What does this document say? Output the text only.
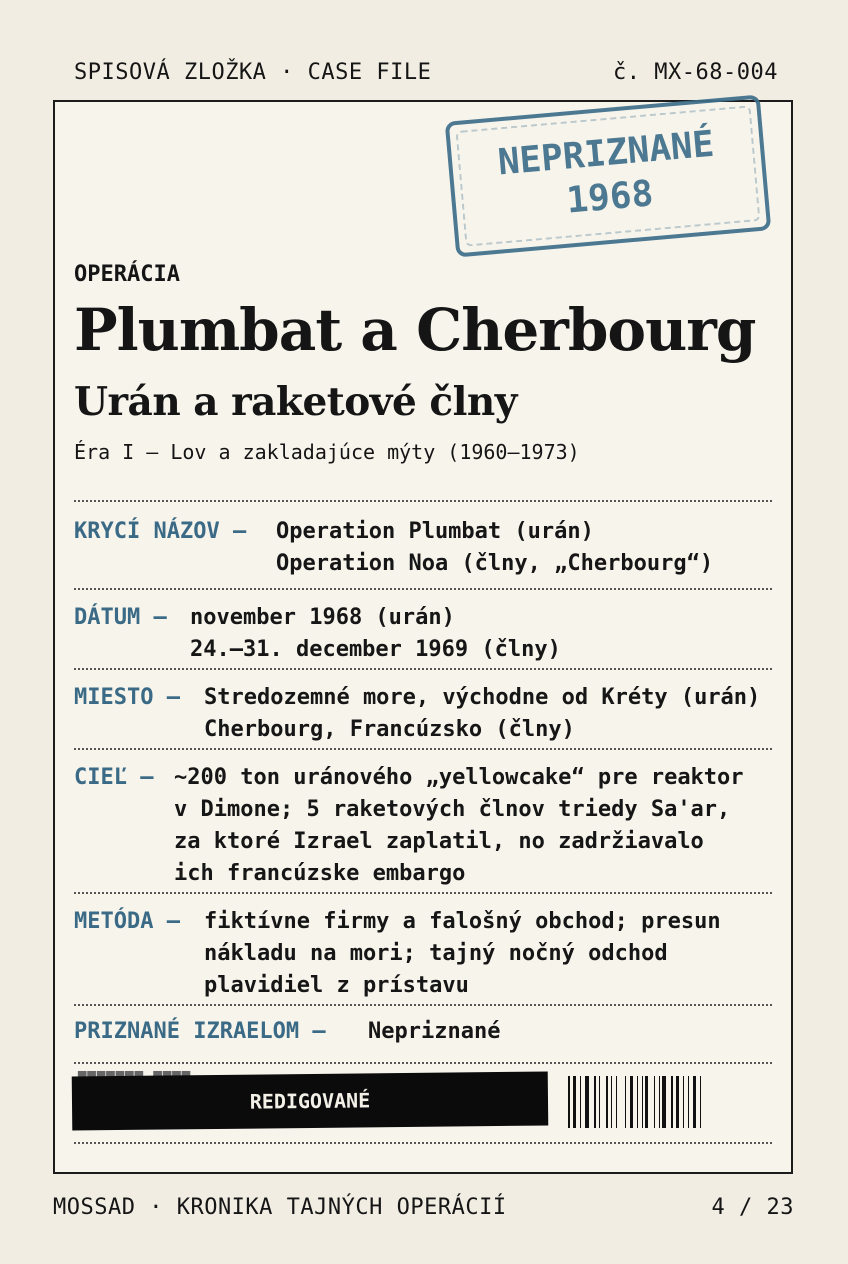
SPISOVÁ ZLOŽKA · CASE FILE	č. MX-68-004
NEPRIZNANÉ
1968
OPERÁCIA
Plumbat a Cherbourg
Urán a raketové člny
Éra I — Lov a zakladajúce mýty (1960–1973)
KRYCÍ NÁZOV — Operation Plumbat (urán)
Operation Noa (člny, „Cherbourg“)
DÁTUM — november 1968 (urán)
24.–31. december 1969 (člny)
MIESTO — Stredozemné more, východne od Kréty (urán)
Cherbourg, Francúzsko (člny)
CIEĽ — ~200 ton uránového „yellowcake“ pre reaktor
v Dimone; 5 raketových člnov triedy Sa'ar,
za ktoré Izrael zaplatil, no zadržiavalo
ich francúzske embargo
METÓDA — fiktívne firmy a falošný obchod; presun
nákladu na mori; tajný nočný odchod
plavidiel z prístavu
PRIZNANÉ IZRAELOM — Nepriznané
REDIGOVANÉ
MOSSAD · KRONIKA TAJNÝCH OPERÁCIÍ	4 / 23
